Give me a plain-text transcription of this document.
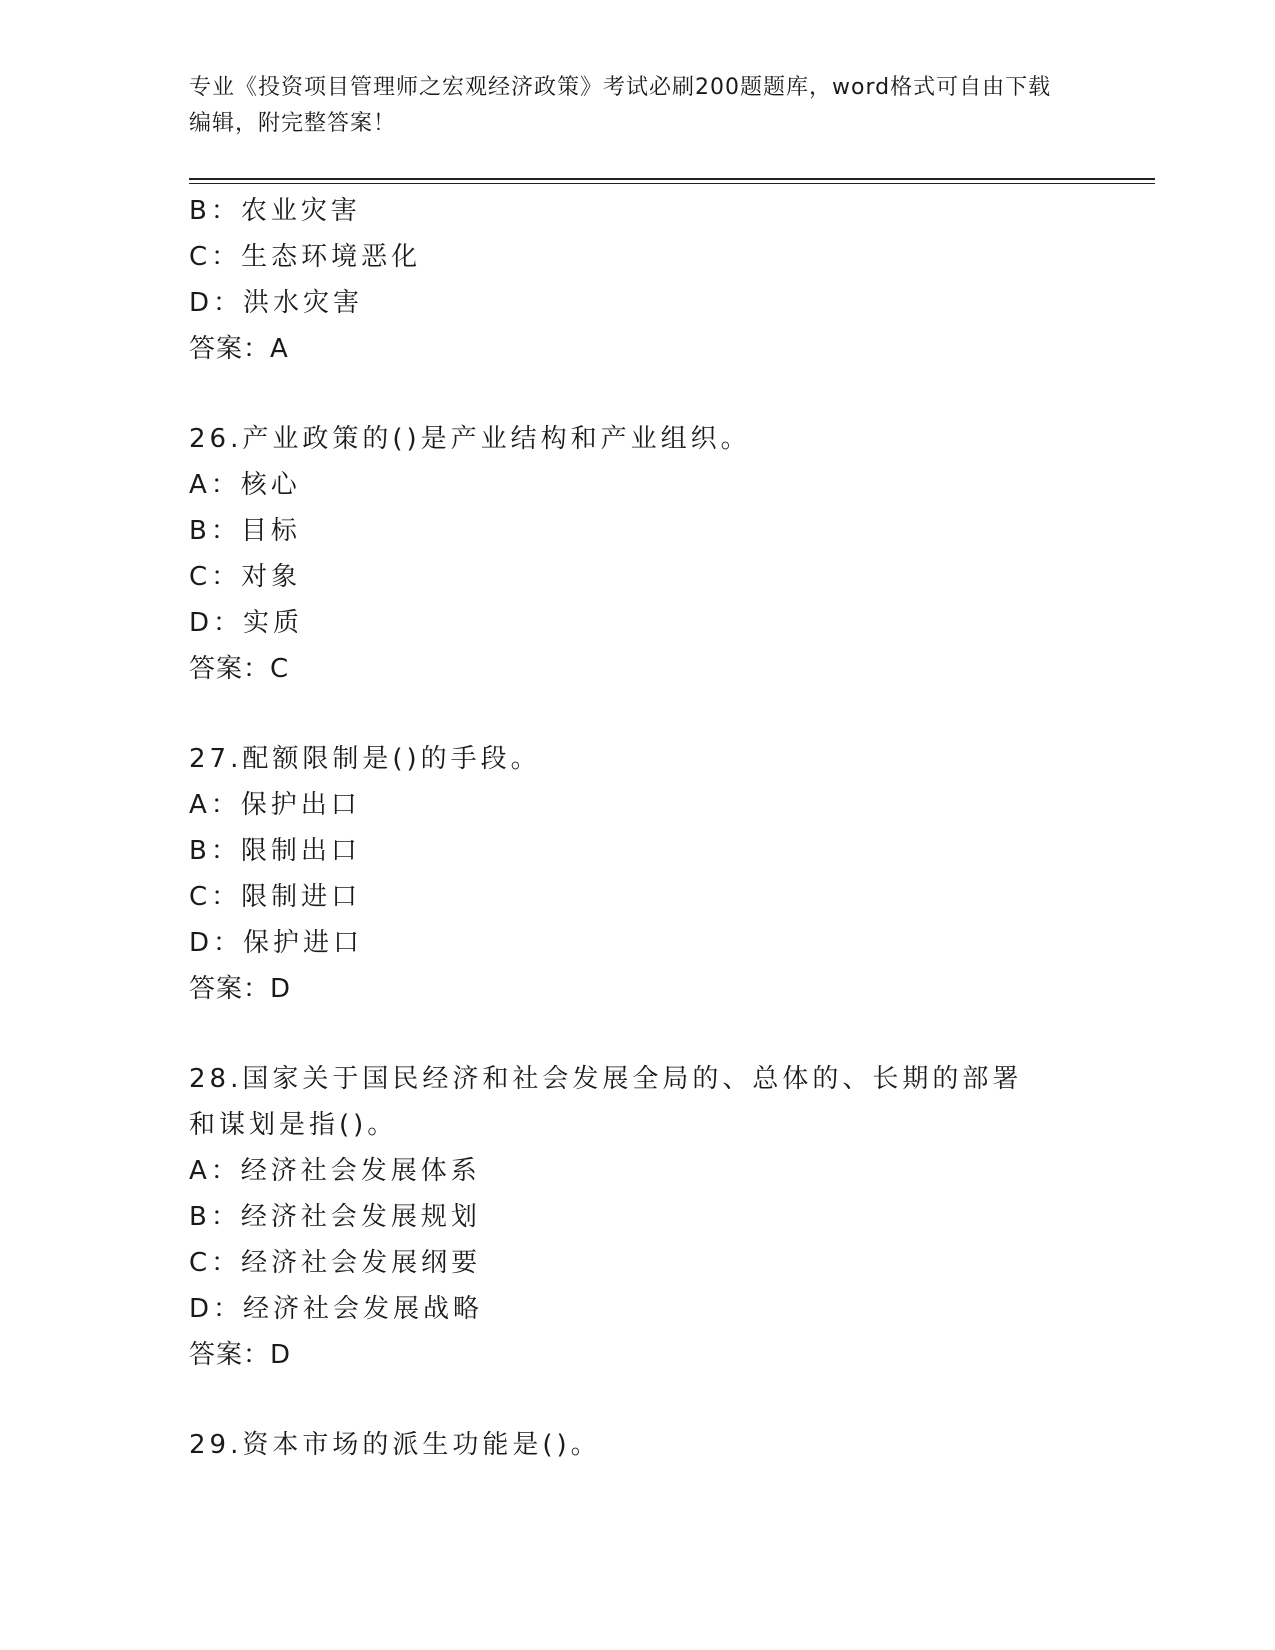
专业《投资项目管理师之宏观经济政策》考试必刷200题题库，word格式可自由下载编辑，附完整答案！
B：农业灾害
C：生态环境恶化
D：洪水灾害
答案：A
26.产业政策的()是产业结构和产业组织。
A：核心
B：目标
C：对象
D：实质
答案：C
27.配额限制是()的手段。
A：保护出口
B：限制出口
C：限制进口
D：保护进口
答案：D
28.国家关于国民经济和社会发展全局的、总体的、长期的部署和谋划是指()。
A：经济社会发展体系
B：经济社会发展规划
C：经济社会发展纲要
D：经济社会发展战略
答案：D
29.资本市场的派生功能是()。
